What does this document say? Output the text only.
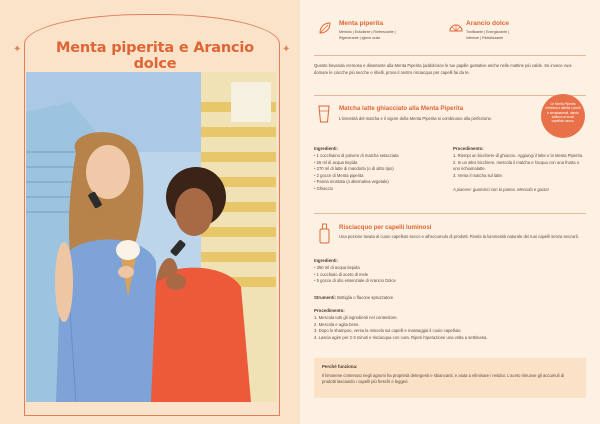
✦	✦
Menta piperita e Arancio dolce
Menta piperita
Mentolo | Esfoliante | Rinfrescante |
Rigenerante | Igiene orale
Arancio dolce
Tonificante | Energizzante |
Inferiore | Rivitalizzante
Questo bevanda cremosa e dissetante alla Menta Piperita (addolcisce le tue papille gustative anche nelle mattine più calde. Se invece vuoi domare le ciocche più secche e ribelli, prova il nostro risciacquo per capelli fai da te.
Matcha latte ghiacciato alla Menta Piperita
L'intensità del matcha e il vigore della Menta Piperita si combinano alla perfezione.
Le Menta Piperita rinfresca e allevia i pruriti e arrossamenti, dando sollievo al cuoio capelluto secco.
Ingredienti:
• 1 cucchiaino di polvere di matcha setacciata
• 55 ml di acqua tiepida
• 270 ml di latte di mandorla (o di altro tipo)
• 2 gocce di Menta piperita
• Panna montata (o alternativa vegetale)
• Ghiaccio
Procedimento:
1. Riempi un bicchiere di ghiaccio. Aggiungi il latte e la Menta Piperita.
2. In un altro bicchiere, mescola il matcha e l'acqua con una frusta o uno schiumalatte.
3. Versa il matcha sul latte.
A piacere: guarnisci con la panna. Mescola e gusta!
Risciacquo per capelli luminosi
Una pozione lavata al cuoio capelluto secco e all'accumulo di prodotti. Rivela la luminosità naturale dei tuoi capelli senza seccarli.
Ingredienti:
• 350 ml di acqua tiepida
• 1 cucchiaio di aceto di mele
• 5 gocce di olio essenziale di Arancio Dolce
Strumenti: Bottiglia o flacone spruzzatore
Procedimento:
1. Mescola tutti gli ingredienti nel contenitore.
2. Mescola e agita bene.
3. Dopo lo shampoo, versa la miscela sui capelli e massaggia il cuoio capelluto.
4. Lascia agire per 2-3 minuti e risciacqua con cura. Ripeti l'operazione una volta a settimana.
Perché funziona:
Il limonene contenuto negli agrumi ha proprietà detergenti e sbiancanti, e aiuta a eliminare i residui. L'aceto rimuove gli accumuli di prodotti lasciando i capelli più freschi e leggeri.
